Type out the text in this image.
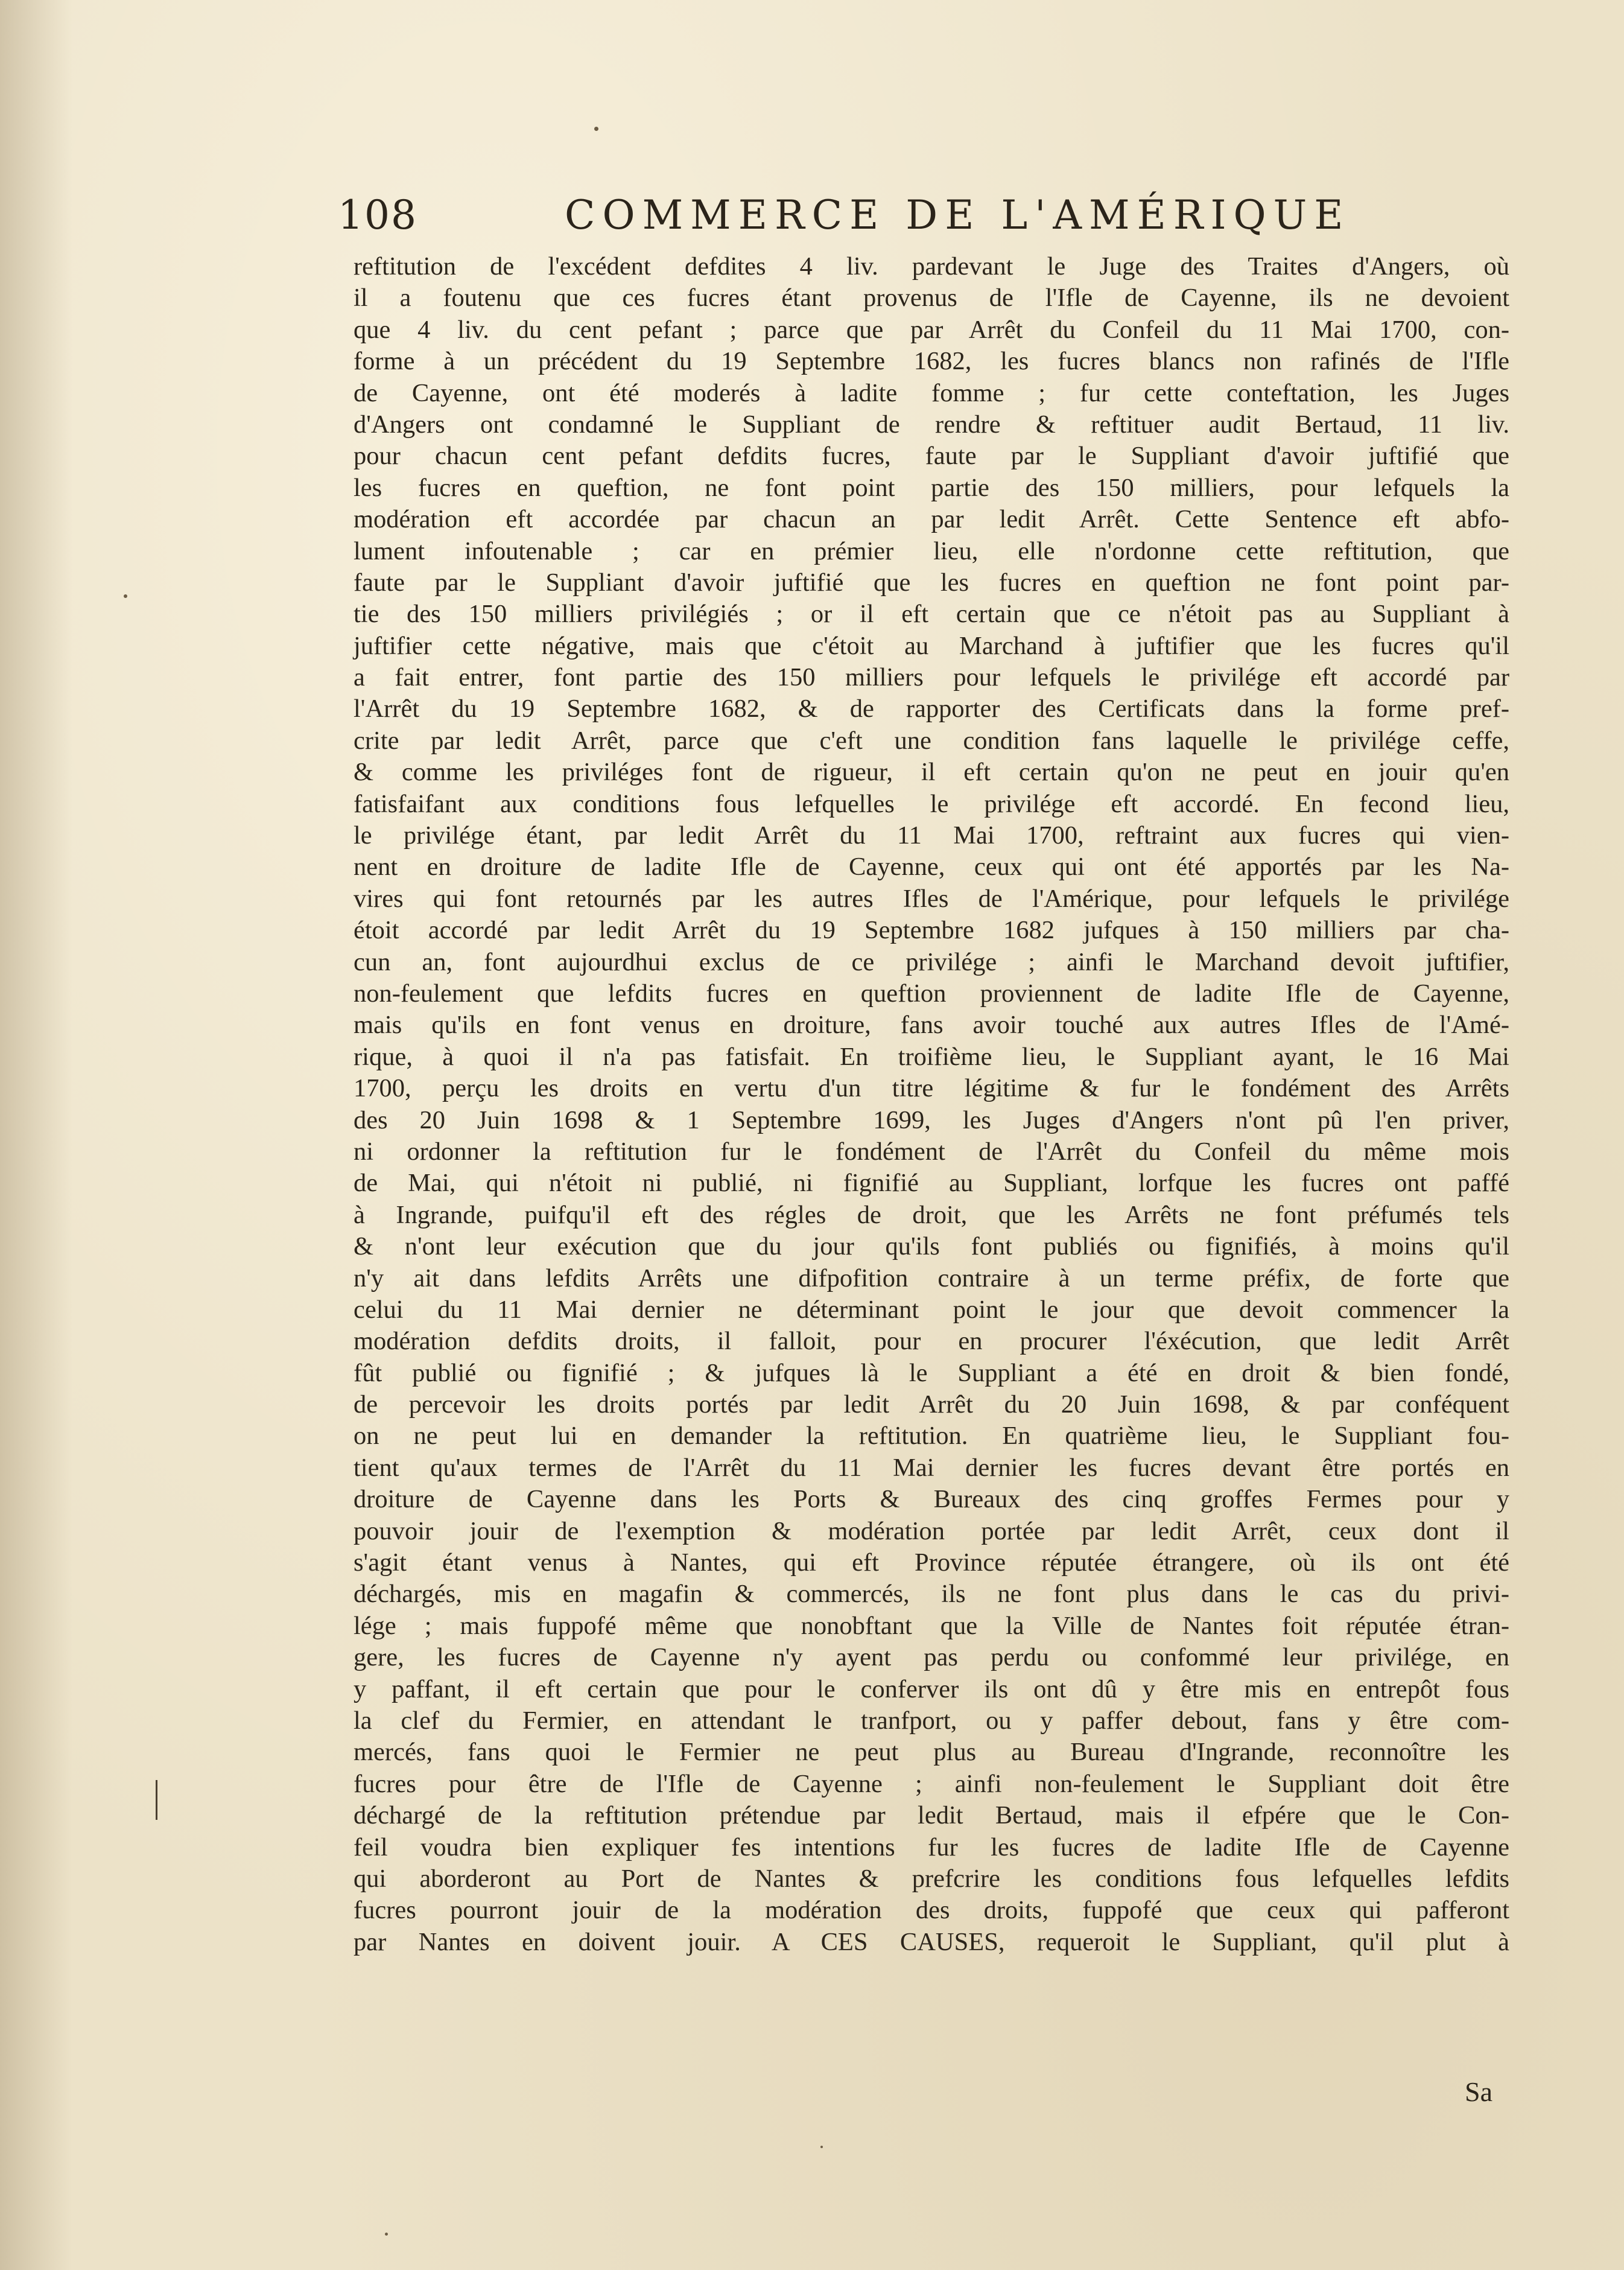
108	COMMERCE DE L'AMÉRIQUE
reftitution de l'excédent defdites 4 liv. pardevant le Juge des Traites d'Angers, où
il a foutenu que ces fucres étant provenus de l'Ifle de Cayenne, ils ne devoient
que 4 liv. du cent pefant ; parce que par Arrêt du Confeil du 11 Mai 1700, con-
forme à un précédent du 19 Septembre 1682, les fucres blancs non rafinés de l'Ifle
de Cayenne, ont été moderés à ladite fomme ; fur cette conteftation, les Juges
d'Angers ont condamné le Suppliant de rendre & reftituer audit Bertaud, 11 liv.
pour chacun cent pefant defdits fucres, faute par le Suppliant d'avoir juftifié que
les fucres en queftion, ne font point partie des 150 milliers, pour lefquels la
modération eft accordée par chacun an par ledit Arrêt. Cette Sentence eft abfo-
lument infoutenable ; car en prémier lieu, elle n'ordonne cette reftitution, que
faute par le Suppliant d'avoir juftifié que les fucres en queftion ne font point par-
tie des 150 milliers privilégiés ; or il eft certain que ce n'étoit pas au Suppliant à
juftifier cette négative, mais que c'étoit au Marchand à juftifier que les fucres qu'il
a fait entrer, font partie des 150 milliers pour lefquels le privilége eft accordé par
l'Arrêt du 19 Septembre 1682, & de rapporter des Certificats dans la forme pref-
crite par ledit Arrêt, parce que c'eft une condition fans laquelle le privilége ceffe,
& comme les priviléges font de rigueur, il eft certain qu'on ne peut en jouir qu'en
fatisfaifant aux conditions fous lefquelles le privilége eft accordé. En fecond lieu,
le privilége étant, par ledit Arrêt du 11 Mai 1700, reftraint aux fucres qui vien-
nent en droiture de ladite Ifle de Cayenne, ceux qui ont été apportés par les Na-
vires qui font retournés par les autres Ifles de l'Amérique, pour lefquels le privilége
étoit accordé par ledit Arrêt du 19 Septembre 1682 jufques à 150 milliers par cha-
cun an, font aujourdhui exclus de ce privilége ; ainfi le Marchand devoit juftifier,
non-feulement que lefdits fucres en queftion proviennent de ladite Ifle de Cayenne,
mais qu'ils en font venus en droiture, fans avoir touché aux autres Ifles de l'Amé-
rique, à quoi il n'a pas fatisfait. En troifième lieu, le Suppliant ayant, le 16 Mai
1700, perçu les droits en vertu d'un titre légitime & fur le fondément des Arrêts
des 20 Juin 1698 & 1 Septembre 1699, les Juges d'Angers n'ont pû l'en priver,
ni ordonner la reftitution fur le fondément de l'Arrêt du Confeil du même mois
de Mai, qui n'étoit ni publié, ni fignifié au Suppliant, lorfque les fucres ont paffé
à Ingrande, puifqu'il eft des régles de droit, que les Arrêts ne font préfumés tels
& n'ont leur exécution que du jour qu'ils font publiés ou fignifiés, à moins qu'il
n'y ait dans lefdits Arrêts une difpofition contraire à un terme préfix, de forte que
celui du 11 Mai dernier ne déterminant point le jour que devoit commencer la
modération defdits droits, il falloit, pour en procurer l'éxécution, que ledit Arrêt
fût publié ou fignifié ; & jufques là le Suppliant a été en droit & bien fondé,
de percevoir les droits portés par ledit Arrêt du 20 Juin 1698, & par conféquent
on ne peut lui en demander la reftitution. En quatrième lieu, le Suppliant fou-
tient qu'aux termes de l'Arrêt du 11 Mai dernier les fucres devant être portés en
droiture de Cayenne dans les Ports & Bureaux des cinq groffes Fermes pour y
pouvoir jouir de l'exemption & modération portée par ledit Arrêt, ceux dont il
s'agit étant venus à Nantes, qui eft Province réputée étrangere, où ils ont été
déchargés, mis en magafin & commercés, ils ne font plus dans le cas du privi-
lége ; mais fuppofé même que nonobftant que la Ville de Nantes foit réputée étran-
gere, les fucres de Cayenne n'y ayent pas perdu ou confommé leur privilége, en
y paffant, il eft certain que pour le conferver ils ont dû y être mis en entrepôt fous
la clef du Fermier, en attendant le tranfport, ou y paffer debout, fans y être com-
mercés, fans quoi le Fermier ne peut plus au Bureau d'Ingrande, reconnoître les
fucres pour être de l'Ifle de Cayenne ; ainfi non-feulement le Suppliant doit être
déchargé de la reftitution prétendue par ledit Bertaud, mais il efpére que le Con-
feil voudra bien expliquer fes intentions fur les fucres de ladite Ifle de Cayenne
qui aborderont au Port de Nantes & prefcrire les conditions fous lefquelles lefdits
fucres pourront jouir de la modération des droits, fuppofé que ceux qui pafferont
par Nantes en doivent jouir. A CES CAUSES, requeroit le Suppliant, qu'il plut à
Sa
